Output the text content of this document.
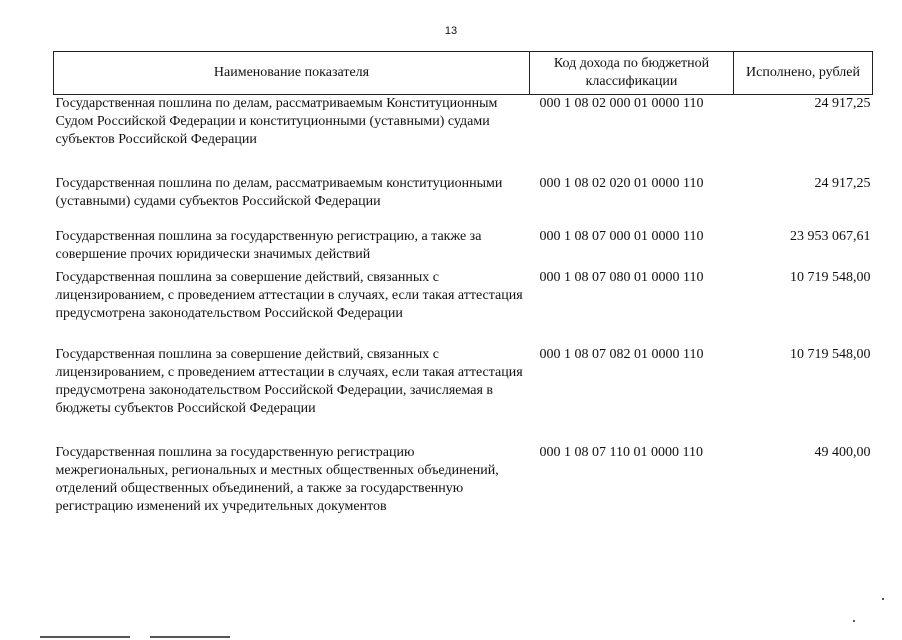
13
Наименование показателя	Код дохода по бюджетной классификации	Исполнено, рублей
Государственная пошлина по делам, рассматриваемым Конституционным Судом Российской Федерации и конституционными (уставными) судами субъектов Российской Федерации	000 1 08 02 000 01 0000 110	24 917,25
Государственная пошлина по делам, рассматриваемым конституционными (уставными) судами субъектов Российской Федерации	000 1 08 02 020 01 0000 110	24 917,25
Государственная пошлина за государственную регистрацию, а также за совершение прочих юридически значимых действий	000 1 08 07 000 01 0000 110	23 953 067,61
Государственная пошлина за совершение действий, связанных с лицензированием, с проведением аттестации в случаях, если такая аттестация предусмотрена законодательством Российской Федерации	000 1 08 07 080 01 0000 110	10 719 548,00
Государственная пошлина за совершение действий, связанных с лицензированием, с проведением аттестации в случаях, если такая аттестация предусмотрена законодательством Российской Федерации, зачисляемая в бюджеты субъектов Российской Федерации	000 1 08 07 082 01 0000 110	10 719 548,00
Государственная пошлина за государственную регистрацию межрегиональных, региональных и местных общественных объединений, отделений общественных объединений, а также за государственную регистрацию изменений их учредительных документов	000 1 08 07 110 01 0000 110	49 400,00
